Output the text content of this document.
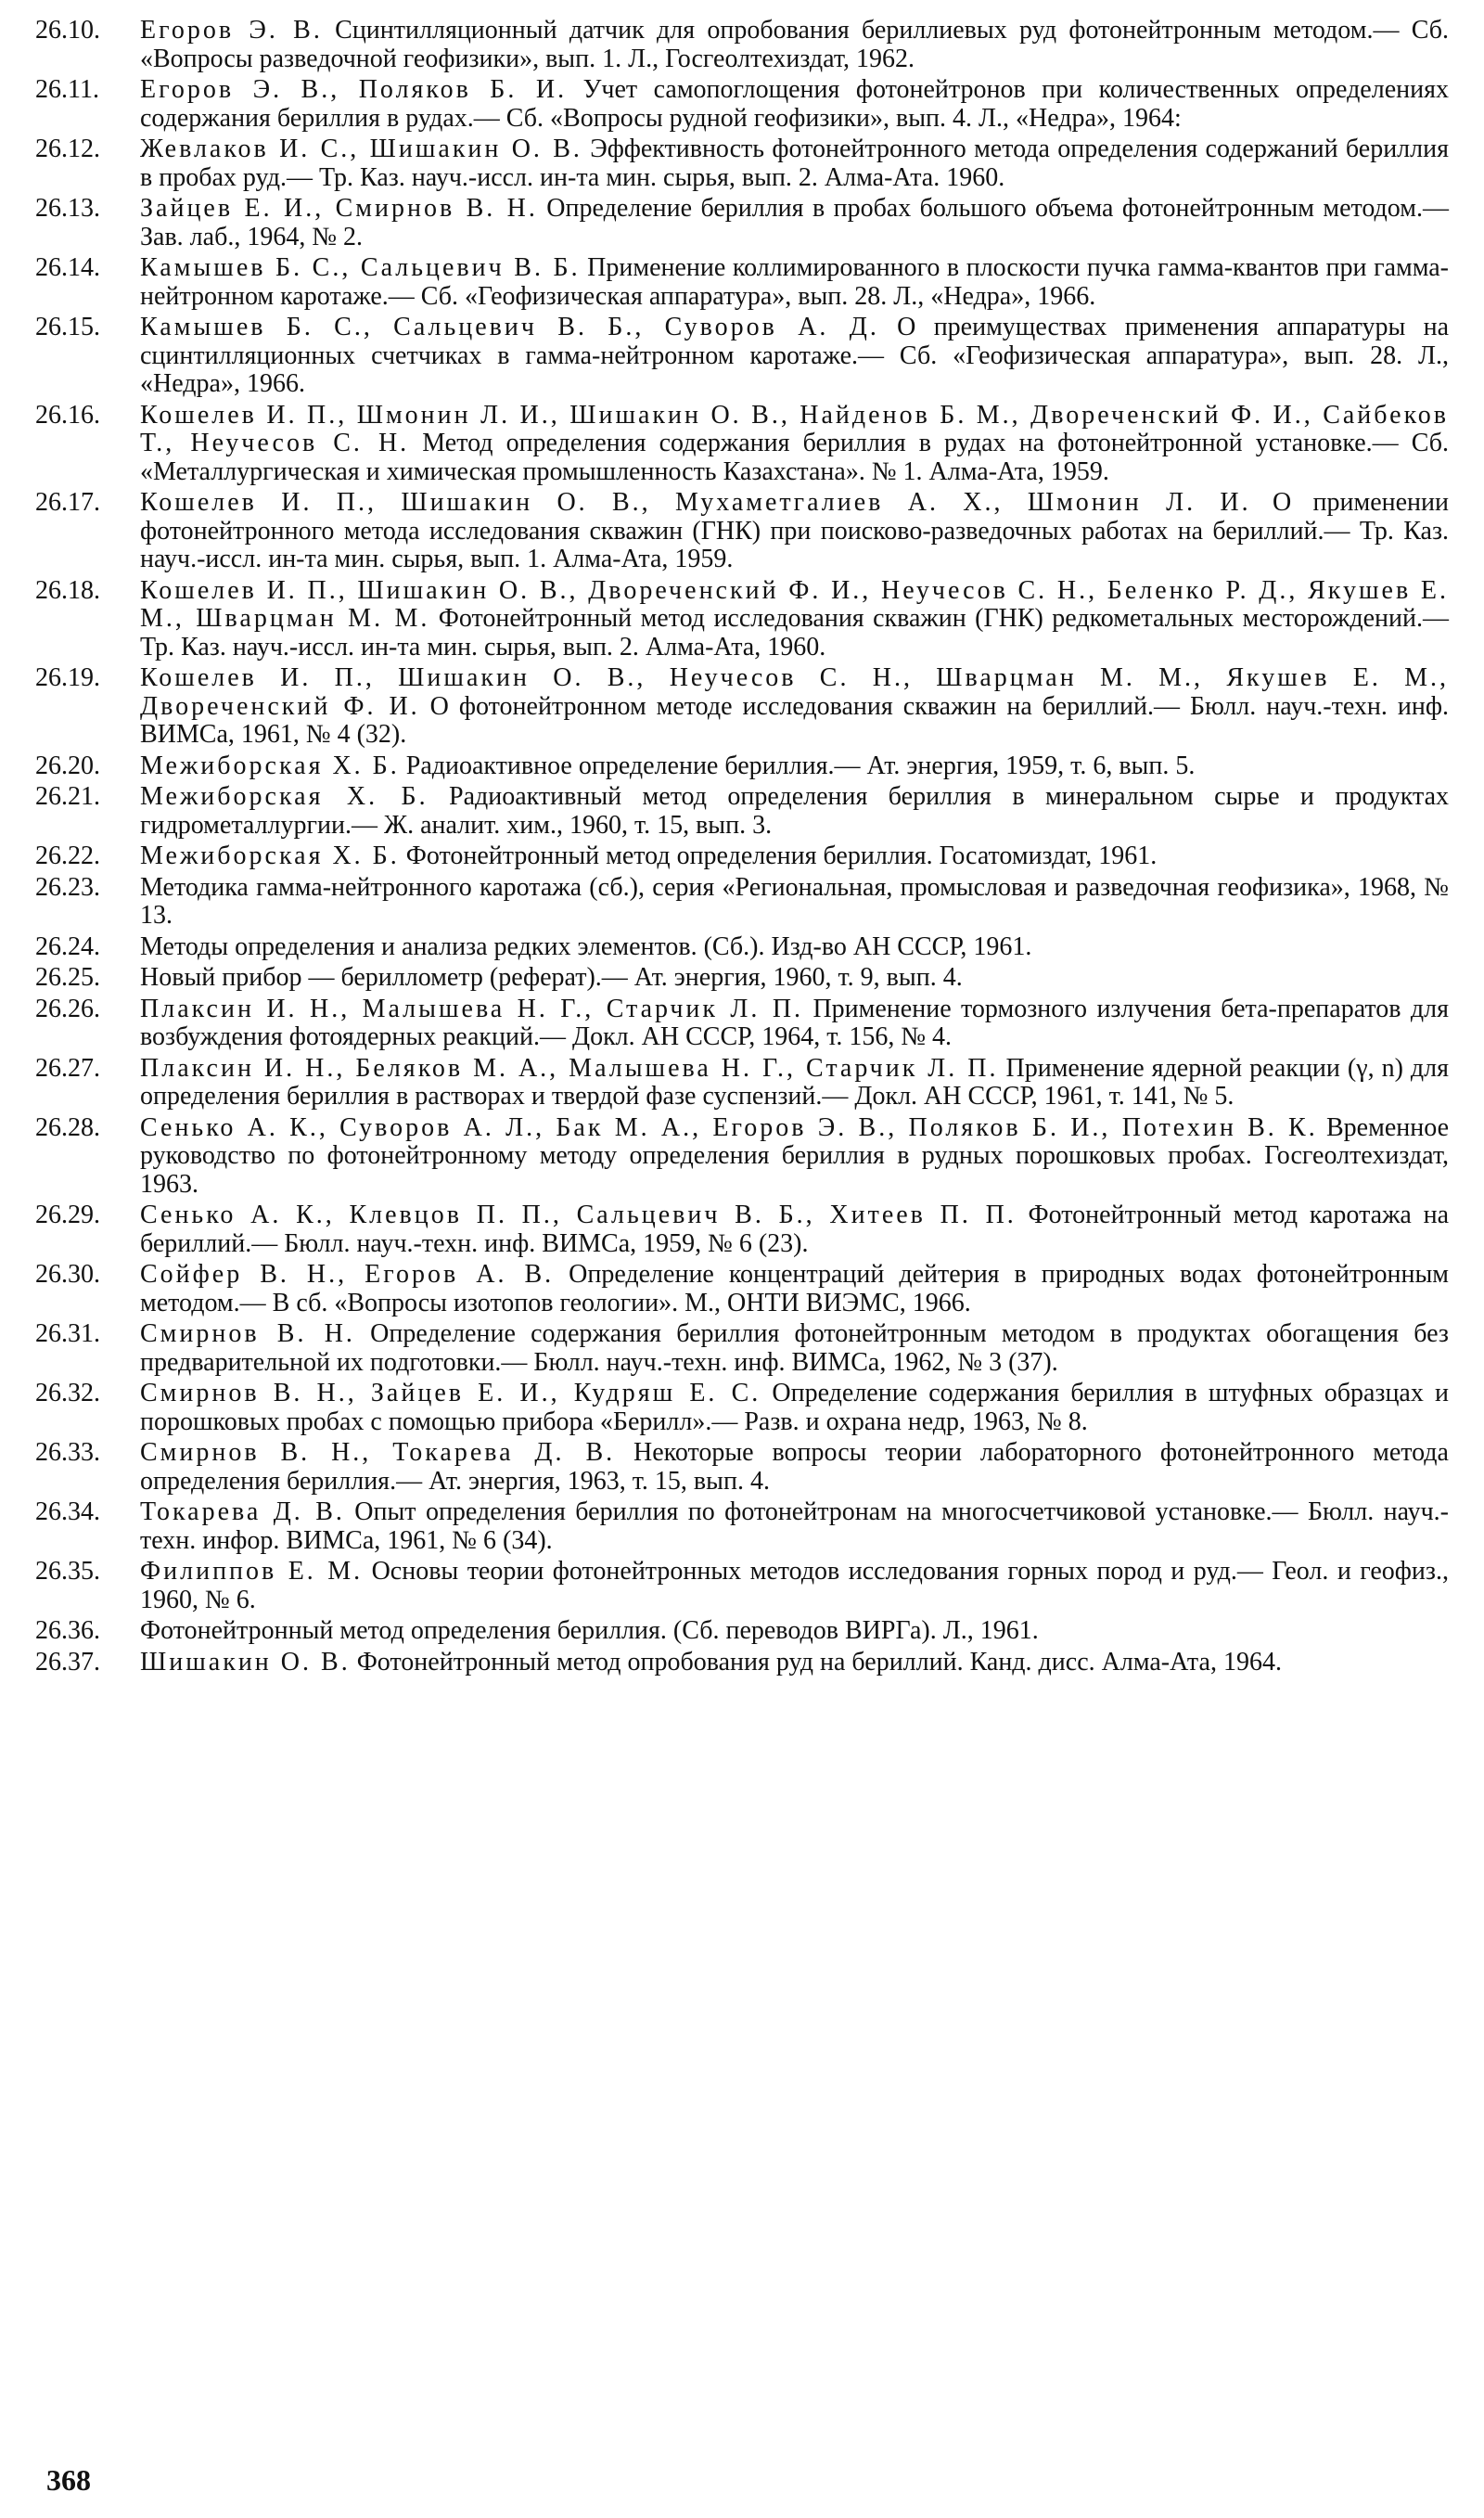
26.10.	Егоров Э. В. Сцинтилляционный датчик для опробования бериллиевых руд фотонейтронным методом.— Сб. «Вопросы разведочной геофизики», вып. 1. Л., Госгеолтехиздат, 1962.
26.11.	Егоров Э. В., Поляков Б. И. Учет самопоглощения фотонейтронов при количественных определениях содержания бериллия в рудах.— Сб. «Вопросы рудной геофизики», вып. 4. Л., «Недра», 1964:
26.12.	Жевлаков И. С., Шишакин О. В. Эффективность фотонейтронного метода определения содержаний бериллия в пробах руд.— Тр. Каз. науч.-иссл. ин-та мин. сырья, вып. 2. Алма-Ата. 1960.
26.13.	Зайцев Е. И., Смирнов В. Н. Определение бериллия в пробах большого объема фотонейтронным методом.— Зав. лаб., 1964, № 2.
26.14.	Камышев Б. С., Сальцевич В. Б. Применение коллимированного в плоскости пучка гамма-квантов при гамма-нейтронном каротаже.— Сб. «Геофизическая аппаратура», вып. 28. Л., «Недра», 1966.
26.15.	Камышев Б. С., Сальцевич В. Б., Суворов А. Д. О преимуществах применения аппаратуры на сцинтилляционных счетчиках в гамма-нейтронном каротаже.— Сб. «Геофизическая аппаратура», вып. 28. Л., «Недра», 1966.
26.16.	Кошелев И. П., Шмонин Л. И., Шишакин О. В., Найденов Б. М., Двореченский Ф. И., Сайбеков Т., Неучесов С. Н. Метод определения содержания бериллия в рудах на фотонейтронной установке.— Сб. «Металлургическая и химическая промышленность Казахстана». № 1. Алма-Ата, 1959.
26.17.	Кошелев И. П., Шишакин О. В., Мухаметгалиев А. Х., Шмонин Л. И. О применении фотонейтронного метода исследования скважин (ГНК) при поисково-разведочных работах на бериллий.— Тр. Каз. науч.-иссл. ин-та мин. сырья, вып. 1. Алма-Ата, 1959.
26.18.	Кошелев И. П., Шишакин О. В., Двореченский Ф. И., Неучесов С. Н., Беленко Р. Д., Якушев Е. М., Шварцман М. М. Фотонейтронный метод исследования скважин (ГНК) редкометальных месторождений.— Тр. Каз. науч.-иссл. ин-та мин. сырья, вып. 2. Алма-Ата, 1960.
26.19.	Кошелев И. П., Шишакин О. В., Неучесов С. Н., Шварцман М. М., Якушев Е. М., Двореченский Ф. И. О фотонейтронном методе исследования скважин на бериллий.— Бюлл. науч.-техн. инф. ВИМСа, 1961, № 4 (32).
26.20.	Межиборская Х. Б. Радиоактивное определение бериллия.— Ат. энергия, 1959, т. 6, вып. 5.
26.21.	Межиборская Х. Б. Радиоактивный метод определения бериллия в минеральном сырье и продуктах гидрометаллургии.— Ж. аналит. хим., 1960, т. 15, вып. 3.
26.22.	Межиборская Х. Б. Фотонейтронный метод определения бериллия. Госатомиздат, 1961.
26.23.	Методика гамма-нейтронного каротажа (сб.), серия «Региональная, промысловая и разведочная геофизика», 1968, № 13.
26.24.	Методы определения и анализа редких элементов. (Сб.). Изд-во АН СССР, 1961.
26.25.	Новый прибор — бериллометр (реферат).— Ат. энергия, 1960, т. 9, вып. 4.
26.26.	Плаксин И. Н., Малышева Н. Г., Старчик Л. П. Применение тормозного излучения бета-препаратов для возбуждения фотоядерных реакций.— Докл. АН СССР, 1964, т. 156, № 4.
26.27.	Плаксин И. Н., Беляков М. А., Малышева Н. Г., Старчик Л. П. Применение ядерной реакции (γ, n) для определения бериллия в растворах и твердой фазе суспензий.— Докл. АН СССР, 1961, т. 141, № 5.
26.28.	Сенько А. К., Суворов А. Л., Бак М. А., Егоров Э. В., Поляков Б. И., Потехин В. К. Временное руководство по фотонейтронному методу определения бериллия в рудных порошковых пробах. Госгеолтехиздат, 1963.
26.29.	Сенько А. К., Клевцов П. П., Сальцевич В. Б., Хитеев П. П. Фотонейтронный метод каротажа на бериллий.— Бюлл. науч.-техн. инф. ВИМСа, 1959, № 6 (23).
26.30.	Сойфер В. Н., Егоров А. В. Определение концентраций дейтерия в природных водах фотонейтронным методом.— В сб. «Вопросы изотопов геологии». М., ОНТИ ВИЭМС, 1966.
26.31.	Смирнов В. Н. Определение содержания бериллия фотонейтронным методом в продуктах обогащения без предварительной их подготовки.— Бюлл. науч.-техн. инф. ВИМСа, 1962, № 3 (37).
26.32.	Смирнов В. Н., Зайцев Е. И., Кудряш Е. С. Определение содержания бериллия в штуфных образцах и порошковых пробах с помощью прибора «Берилл».— Разв. и охрана недр, 1963, № 8.
26.33.	Смирнов В. Н., Токарева Д. В. Некоторые вопросы теории лабораторного фотонейтронного метода определения бериллия.— Ат. энергия, 1963, т. 15, вып. 4.
26.34.	Токарева Д. В. Опыт определения бериллия по фотонейтронам на многосчетчиковой установке.— Бюлл. науч.-техн. инфор. ВИМСа, 1961, № 6 (34).
26.35.	Филиппов Е. М. Основы теории фотонейтронных методов исследования горных пород и руд.— Геол. и геофиз., 1960, № 6.
26.36.	Фотонейтронный метод определения бериллия. (Сб. переводов ВИРГа). Л., 1961.
26.37.	Шишакин О. В. Фотонейтронный метод опробования руд на бериллий. Канд. дисс. Алма-Ата, 1964.
368
